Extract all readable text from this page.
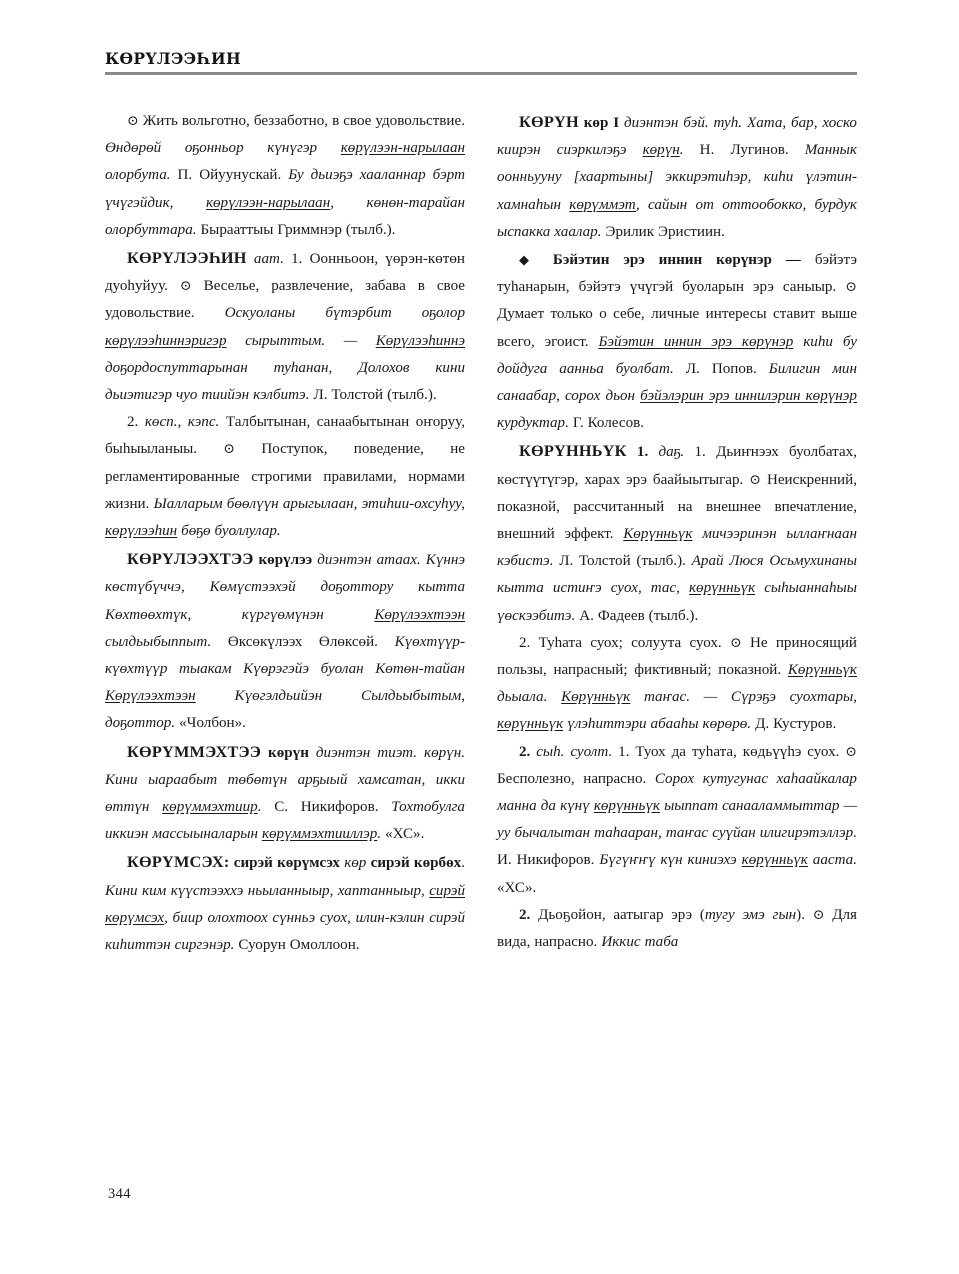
КӨРҮЛЭЭҺИН

⊙ Жить вольготно, беззаботно, в свое удовольствие. Өндөрөй оҕонньор күнүгэр көрүлээн-нарылаан олорбута. П. Ойуунускай. Бу дьиэҕэ хааланнар бэрт үчүгэйдик, көрүлээн-нарылаан, көнөн-тарайан олорбуттара. Бырааттыы Гриммнэр (тылб.).

КӨРҮЛЭЭҺИН аат. 1. Оонньоон, үөрэн-көтөн дуоһуйуу. ⊙ Веселье, развлечение, забава в свое удовольствие. Оскуоланы бүтэрбит оҕолор көрүлээһиннэригэр сырыттым. — Көрүлээһиннэ доҕордоспуттарынан туһанан, Долохов кини дьиэтигэр чуо тиийэн кэлбитэ. Л. Толстой (тылб.).

2. көсп., кэпс. Талбытынан, санаабытынан оҥоруу, быһыыланыы. ⊙ Поступок, поведение, не регламентированные строгими правилами, нормами жизни. Ыалларым бөөлүүн арыгылаан, этиһии-охсуһуу, көрүлээһин бөҕө буоллулар.

КӨРҮЛЭЭХТЭЭ көрүлээ диэнтэн атаах. Күннэ көстүбүччэ, Көмүстээхэй доҕоттору кытта Көхтөөхтүк, күргүөмүнэн	Көрүлээхтээн сылдьыбыппыт. Өксөкүлээх Өлөксөй. Күөхтүүр-күөхтүүр тыакам Күөрэгэйэ буолан Көтөн-тайан Көрүлээхтээн	Күөгэлдьийэн Сылдьыбытым, доҕоттор. «Чолбон».

КӨРҮММЭХТЭЭ көрүн диэнтэн тиэт. көрүн. Кини ыараабыт төбөтүн арҕыый хамсатан, икки өттүн көрүммэхтиир. С. Никифоров. Тохтобулга иккиэн массыыналарын көрүммэхтииллэр. «ХС».

КӨРҮМСЭХ: сирэй көрүмсэх көр сирэй көрбөх. Кини ким күүстээххэ ньыланныыр, хаптанныыр, сирэй көрүмсэх, биир олохтоох сүнньэ суох, илин-кэлин сирэй киһиттэн сиргэнэр. Суорун Омоллоон.

КӨРҮН көр I диэнтэн бэй. туһ. Хата, бар, хоско киирэн сиэркилэҕэ көрүн. Н. Лугинов. Маннык оонньууну [хаартыны] эккирэтиһэр, киһи үлэтин-хамнаһын көрүммэт, сайын от оттообокко, бурдук ыспакка хаалар. Эрилик Эристиин.

◆ Бэйэтин эрэ иннин көрүнэр — бэйэтэ туһанарын, бэйэтэ үчүгэй буоларын эрэ саныыр. ⊙ Думает только о себе, личные интересы ставит выше всего, эгоист. Бэйэтин иннин эрэ көрүнэр киһи бу дойдуга аанньа буолбат. Л. Попов. Билигин мин санаабар, сорох дьон бэйэлэрин эрэ иннилэрин көрүнэр курдуктар. Г. Колесов.

КӨРҮННЬҮК 1. даҕ. 1. Дьиҥнээх буолбатах, көстүүтүгэр, харах эрэ баайыытыгар. ⊙ Неискренний, показной, рассчитанный на внешнее впечатление, внешний эффект. Көрүнньүк мичээринэн ыллаҥнаан кэбистэ. Л. Толстой (тылб.). Арай Люся Осьмухинаны кытта истиҥэ суох, тас, көрүнньүк сыһыаннаһыы үөскээбитэ. А. Фадеев (тылб.).

2. Туһата суох; солуута суох. ⊙ Не приносящий пользы, напрасный; фиктивный; показной. Көрүнньүк дьыала. Көрүнньүк таҥас. — Сүрэҕэ суохтары, көрүнньүк үлэһиттэри абааһы көрөрө. Д. Кустуров.

2. сыһ. суолт. 1. Туох да туһата, көдьүүһэ суох. ⊙ Бесполезно, напрасно. Сорох кутугунас хаһаайкалар манна да күнү көрүнньүк ыыппат санааламмыттар — уу бычалытан таһааран, таҥас суүйан илигирэтэллэр. И. Никифоров. Бүгүҥҥү күн киниэхэ көрүнньүк ааста. «ХС».

2. Дьоҕойон, аатыгар эрэ (тугу эмэ гын). ⊙ Для вида, напрасно. Иккис таба

344
